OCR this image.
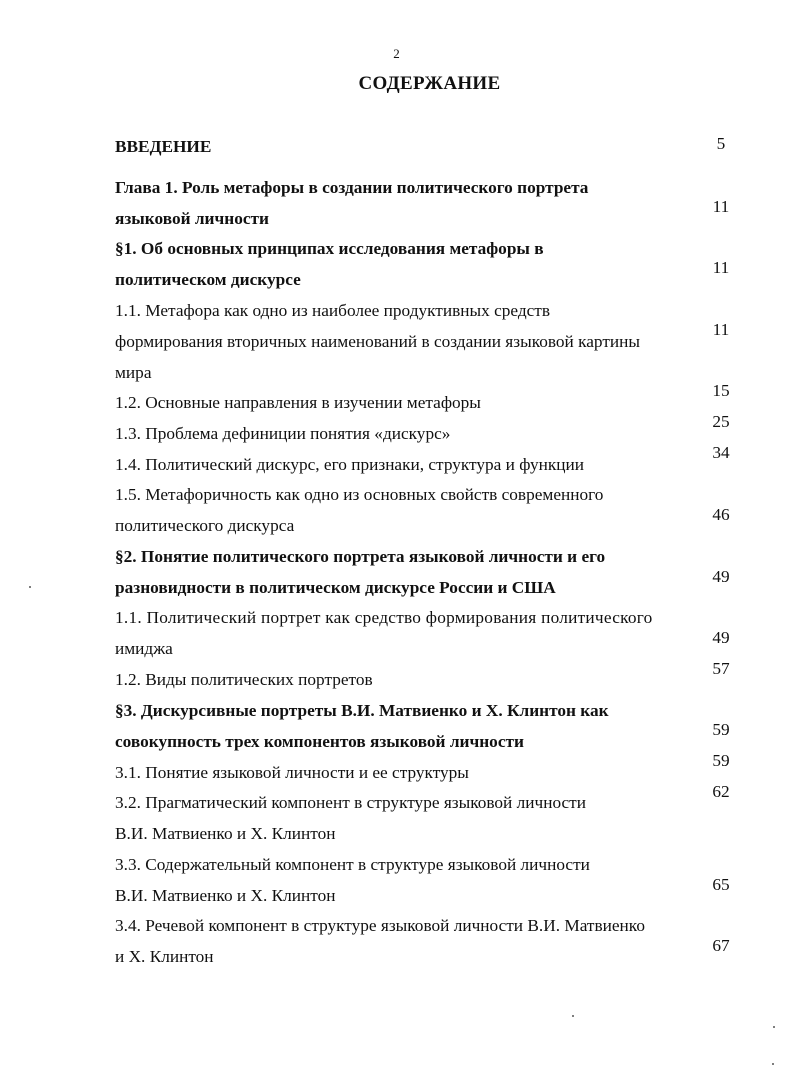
2
СОДЕРЖАНИЕ
ВВЕДЕНИЕ
Глава 1. Роль метафоры в создании политического портрета
языковой личности
§1. Об основных принципах исследования метафоры в
политическом дискурсе
1.1. Метафора как одно из наиболее продуктивных средств
формирования вторичных наименований в создании языковой картины
мира
1.2. Основные направления в изучении метафоры
1.3. Проблема дефиниции понятия «дискурс»
1.4. Политический дискурс, его признаки, структура и функции
1.5. Метафоричность как одно из основных свойств современного
политического дискурса
§2. Понятие политического портрета языковой личности и его
разновидности в политическом дискурсе России и США
1.1. Политический портрет как средство формирования политического
имиджа
1.2. Виды политических портретов
§3. Дискурсивные портреты В.И. Матвиенко и Х. Клинтон как
совокупность трех компонентов языковой личности
3.1. Понятие языковой личности и ее структуры
3.2. Прагматический компонент в структуре языковой личности
В.И. Матвиенко и Х. Клинтон
3.3. Содержательный компонент в структуре языковой личности
В.И. Матвиенко и Х. Клинтон
3.4. Речевой компонент в структуре языковой личности В.И. Матвиенко
и Х. Клинтон
5
11
11
11
15
25
34
46
49
49
57
59
59
62
65
67
